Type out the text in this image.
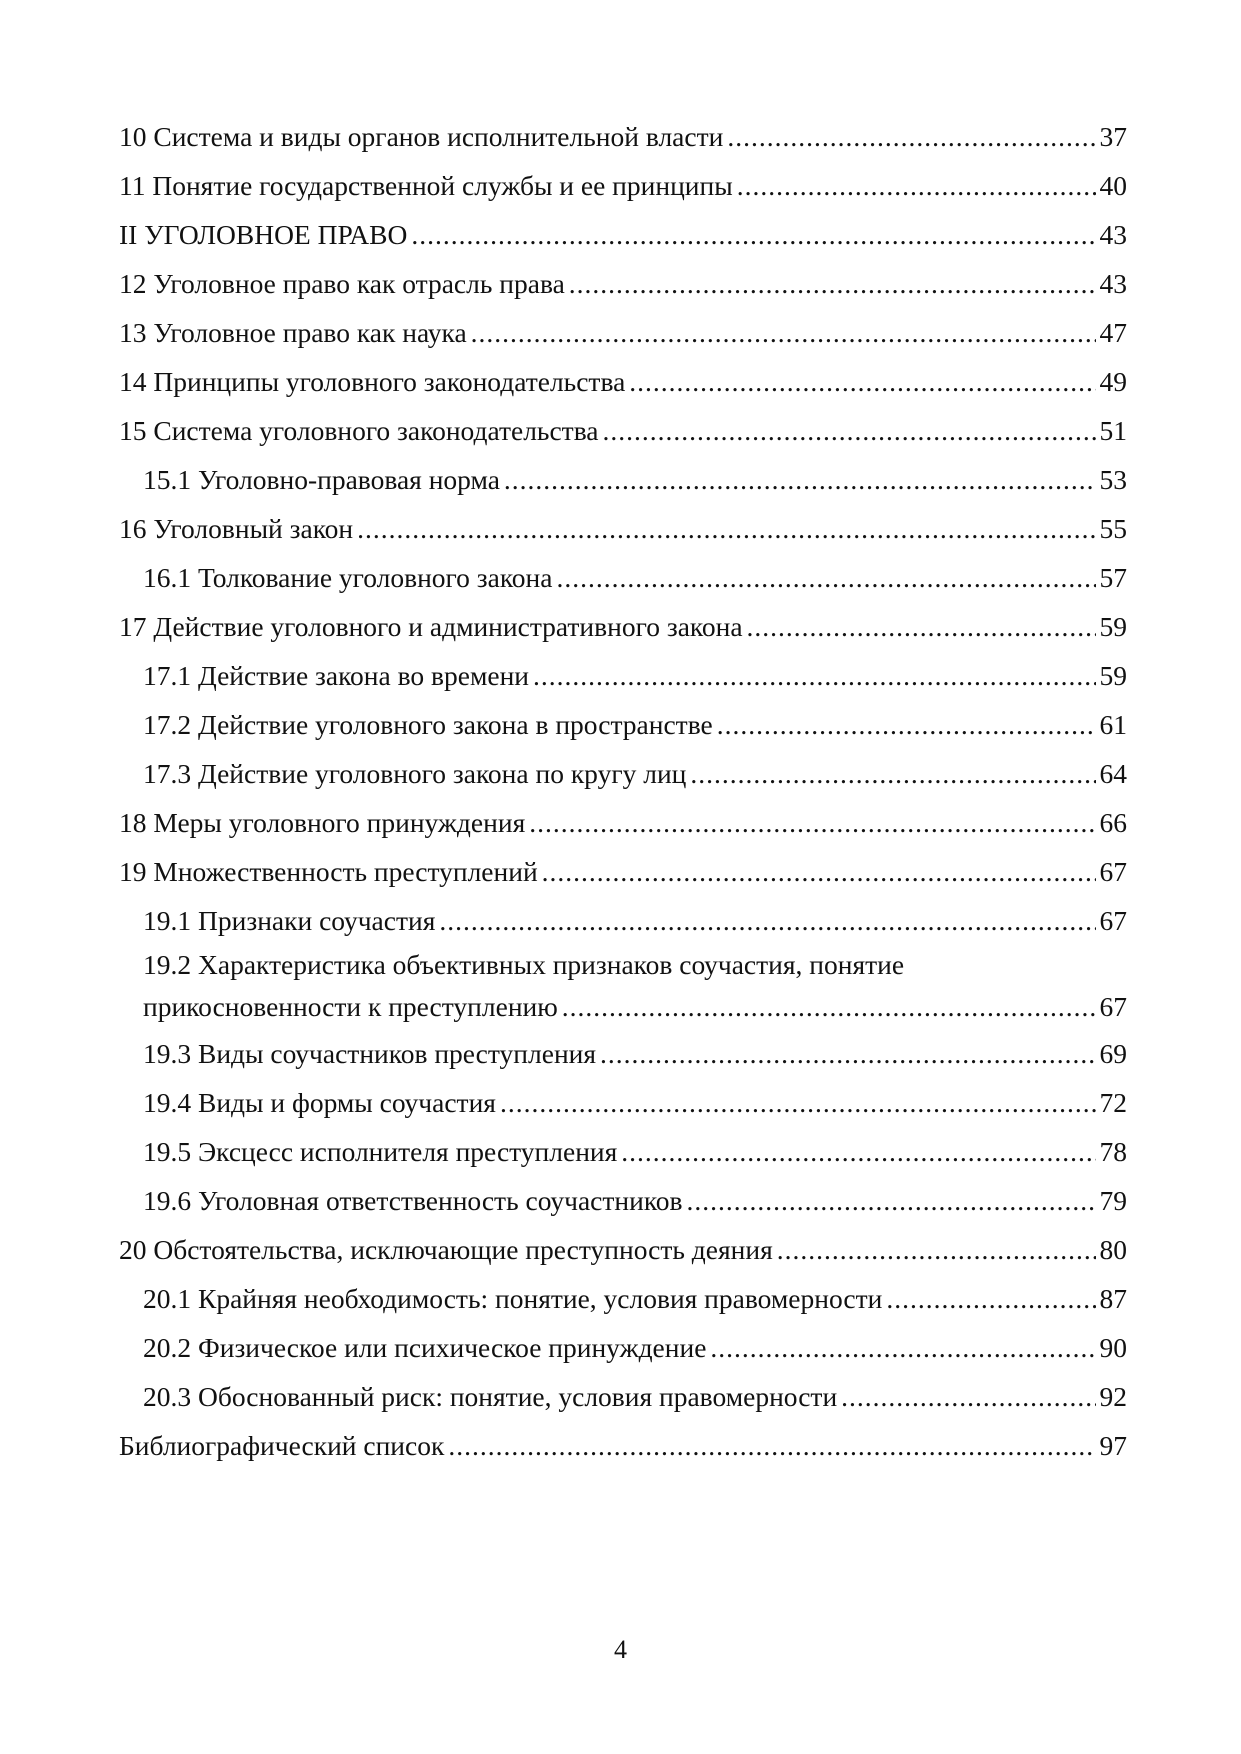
10 Система и виды органов исполнительной власти .....	37
11 Понятие государственной службы и ее принципы .....	40
II УГОЛОВНОЕ ПРАВО .....	43
12 Уголовное право как отрасль права .....	43
13 Уголовное право как наука .....	47
14 Принципы уголовного законодательства .....	49
15 Система уголовного законодательства .....	51
15.1 Уголовно-правовая норма .....	53
16 Уголовный закон .....	55
16.1 Толкование уголовного закона .....	57
17 Действие уголовного и административного закона .....	59
17.1 Действие закона во времени .....	59
17.2 Действие уголовного закона в пространстве .....	61
17.3 Действие уголовного закона по кругу лиц .....	64
18 Меры уголовного принуждения .....	66
19 Множественность преступлений .....	67
19.1 Признаки соучастия .....	67
19.2 Характеристика объективных признаков соучастия, понятие
прикосновенности к преступлению .....	67
19.3 Виды соучастников преступления .....	69
19.4 Виды и формы соучастия .....	72
19.5 Эксцесс исполнителя преступления .....	78
19.6 Уголовная ответственность соучастников .....	79
20 Обстоятельства, исключающие преступность деяния .....	80
20.1 Крайняя необходимость: понятие, условия правомерности .....	87
20.2 Физическое или психическое принуждение .....	90
20.3 Обоснованный риск: понятие, условия правомерности .....	92
Библиографический список .....	97
4
